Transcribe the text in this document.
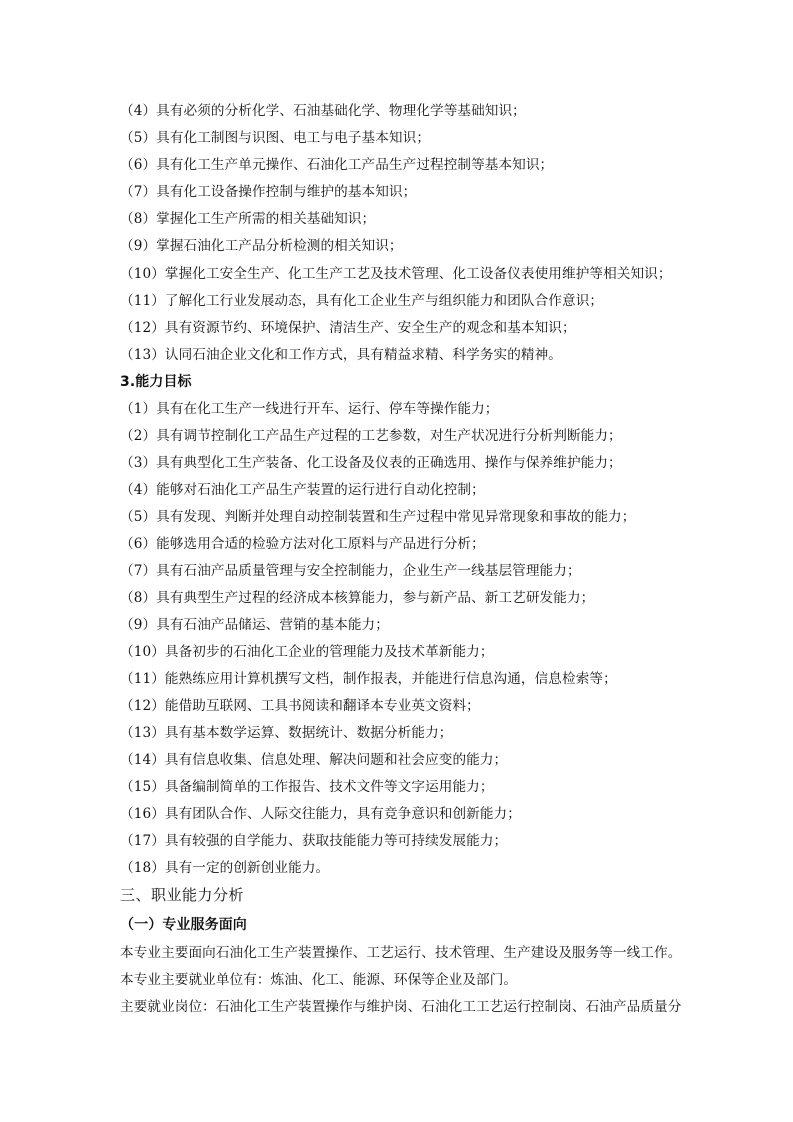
（4）具有必须的分析化学、石油基础化学、物理化学等基础知识；
（5）具有化工制图与识图、电工与电子基本知识；
（6）具有化工生产单元操作、石油化工产品生产过程控制等基本知识；
（7）具有化工设备操作控制与维护的基本知识；
（8）掌握化工生产所需的相关基础知识；
（9）掌握石油化工产品分析检测的相关知识；
（10）掌握化工安全生产、化工生产工艺及技术管理、化工设备仪表使用维护等相关知识；
（11）了解化工行业发展动态，具有化工企业生产与组织能力和团队合作意识；
（12）具有资源节约、环境保护、清洁生产、安全生产的观念和基本知识；
（13）认同石油企业文化和工作方式，具有精益求精、科学务实的精神。
3.能力目标
（1）具有在化工生产一线进行开车、运行、停车等操作能力；
（2）具有调节控制化工产品生产过程的工艺参数，对生产状况进行分析判断能力；
（3）具有典型化工生产装备、化工设备及仪表的正确选用、操作与保养维护能力；
（4）能够对石油化工产品生产装置的运行进行自动化控制；
（5）具有发现、判断并处理自动控制装置和生产过程中常见异常现象和事故的能力；
（6）能够选用合适的检验方法对化工原料与产品进行分析；
（7）具有石油产品质量管理与安全控制能力，企业生产一线基层管理能力；
（8）具有典型生产过程的经济成本核算能力，参与新产品、新工艺研发能力；
（9）具有石油产品储运、营销的基本能力；
（10）具备初步的石油化工企业的管理能力及技术革新能力；
（11）能熟练应用计算机撰写文档，制作报表，并能进行信息沟通，信息检索等；
（12）能借助互联网、工具书阅读和翻译本专业英文资料；
（13）具有基本数学运算、数据统计、数据分析能力；
（14）具有信息收集、信息处理、解决问题和社会应变的能力；
（15）具备编制简单的工作报告、技术文件等文字运用能力；
（16）具有团队合作、人际交往能力，具有竞争意识和创新能力；
（17）具有较强的自学能力、获取技能能力等可持续发展能力；
（18）具有一定的创新创业能力。
三、职业能力分析
（一）专业服务面向
本专业主要面向石油化工生产装置操作、工艺运行、技术管理、生产建设及服务等一线工作。
本专业主要就业单位有：炼油、化工、能源、环保等企业及部门。
主要就业岗位：石油化工生产装置操作与维护岗、石油化工工艺运行控制岗、石油产品质量分
